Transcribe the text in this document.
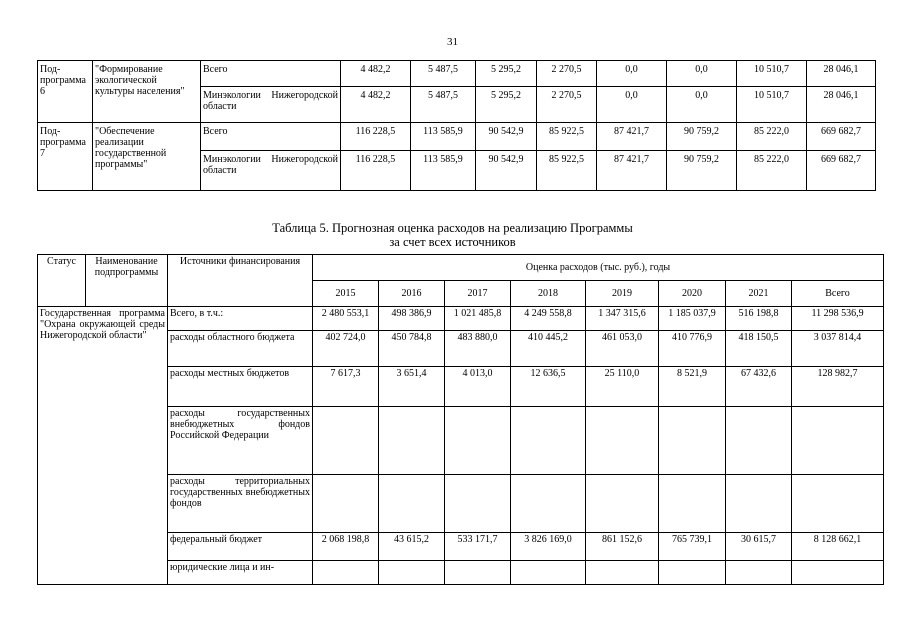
31
Под-программа 6	"Формирование экологической культуры населения"	Всего	4 482,2	5 487,5	5 295,2	2 270,5	0,0	0,0	10 510,7	28 046,1
		Минэкологии Нижегородской области	4 482,2	5 487,5	5 295,2	2 270,5	0,0	0,0	10 510,7	28 046,1
Под-программа 7	"Обеспечение реализации государственной программы"	Всего	116 228,5	113 585,9	90 542,9	85 922,5	87 421,7	90 759,2	85 222,0	669 682,7
		Минэкологии Нижегородской области	116 228,5	113 585,9	90 542,9	85 922,5	87 421,7	90 759,2	85 222,0	669 682,7
Таблица 5. Прогнозная оценка расходов на реализацию Программы
за счет всех источников
Статус	Наименование подпрограммы	Источники финансирования	Оценка расходов (тыс. руб.), годы							
			2015	2016	2017	2018	2019	2020	2021	Всего
Государственная программа "Охрана окружающей среды Нижегородской области"		Всего, в т.ч.:	2 480 553,1	498 386,9	1 021 485,8	4 249 558,8	1 347 315,6	1 185 037,9	516 198,8	11 298 536,9
		расходы областного бюджета	402 724,0	450 784,8	483 880,0	410 445,2	461 053,0	410 776,9	418 150,5	3 037 814,4
		расходы местных бюджетов	7 617,3	3 651,4	4 013,0	12 636,5	25 110,0	8 521,9	67 432,6	128 982,7
		расходы государственных внебюджетных фондов Российской Федерации								
		расходы территориальных государственных внебюджетных фондов								
		федеральный бюджет	2 068 198,8	43 615,2	533 171,7	3 826 169,0	861 152,6	765 739,1	30 615,7	8 128 662,1
		юридические лица и ин-								
